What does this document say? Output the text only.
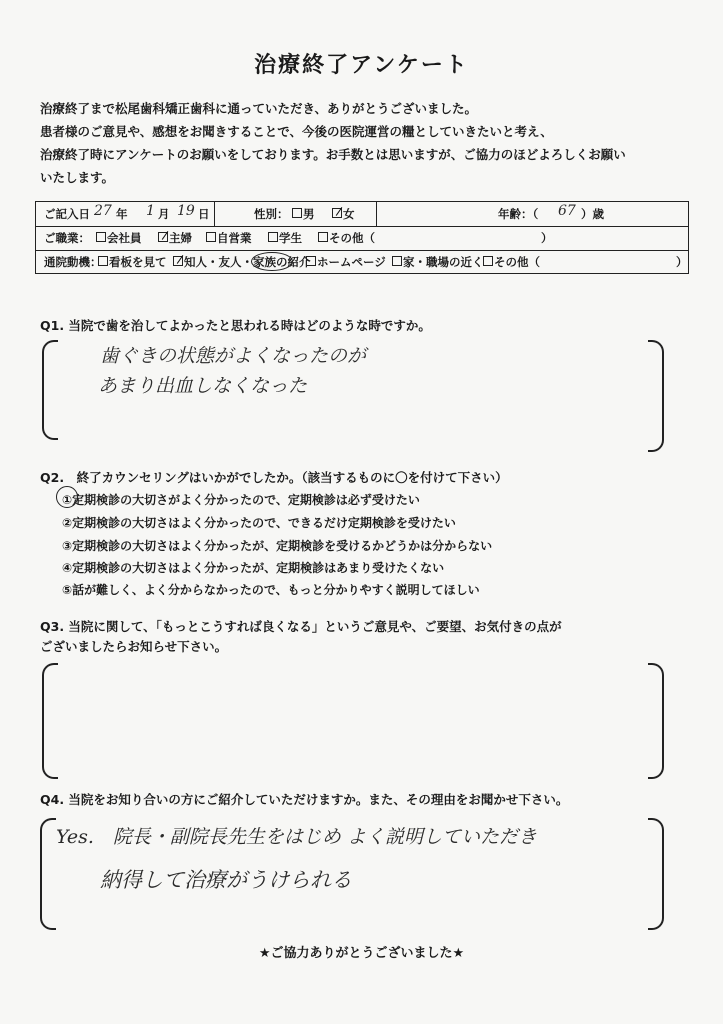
治療終了アンケート
治療終了まで松尾歯科矯正歯科に通っていただき、ありがとうございました。
患者様のご意見や、感想をお聞きすることで、今後の医院運営の糧としていきたいと考え、
治療終了時にアンケートのお願いをしております。お手数とは思いますが、ご協力のほどよろしくお願い
いたします。
ご記入日 27 年 1 月 19 日	性別：	男	女	年齢：（ 67 ）歳
ご職業：	会社員	主婦	自営業	学生	その他（	）
通院動機： 看板を見て	知人・友人・家族の紹介 ホームページ	家・職場の近く その他（	）
Q1. 当院で歯を治してよかったと思われる時はどのような時ですか。
歯ぐきの状態がよくなったのが
あまり出血しなくなった
Q2.　終了カウンセリングはいかがでしたか。（該当するものに〇を付けて下さい）
①定期検診の大切さがよく分かったので、定期検診は必ず受けたい
②定期検診の大切さはよく分かったので、できるだけ定期検診を受けたい
③定期検診の大切さはよく分かったが、定期検診を受けるかどうかは分からない
④定期検診の大切さはよく分かったが、定期検診はあまり受けたくない
⑤話が難しく、よく分からなかったので、もっと分かりやすく説明してほしい
Q3. 当院に関して、「もっとこうすれば良くなる」というご意見や、ご要望、お気付きの点が
ございましたらお知らせ下さい。
Q4. 当院をお知り合いの方にご紹介していただけますか。また、その理由をお聞かせ下さい。
Yes.　院長・副院長先生をはじめ よく説明していただき
納得して治療がうけられる
★ご協力ありがとうございました★
